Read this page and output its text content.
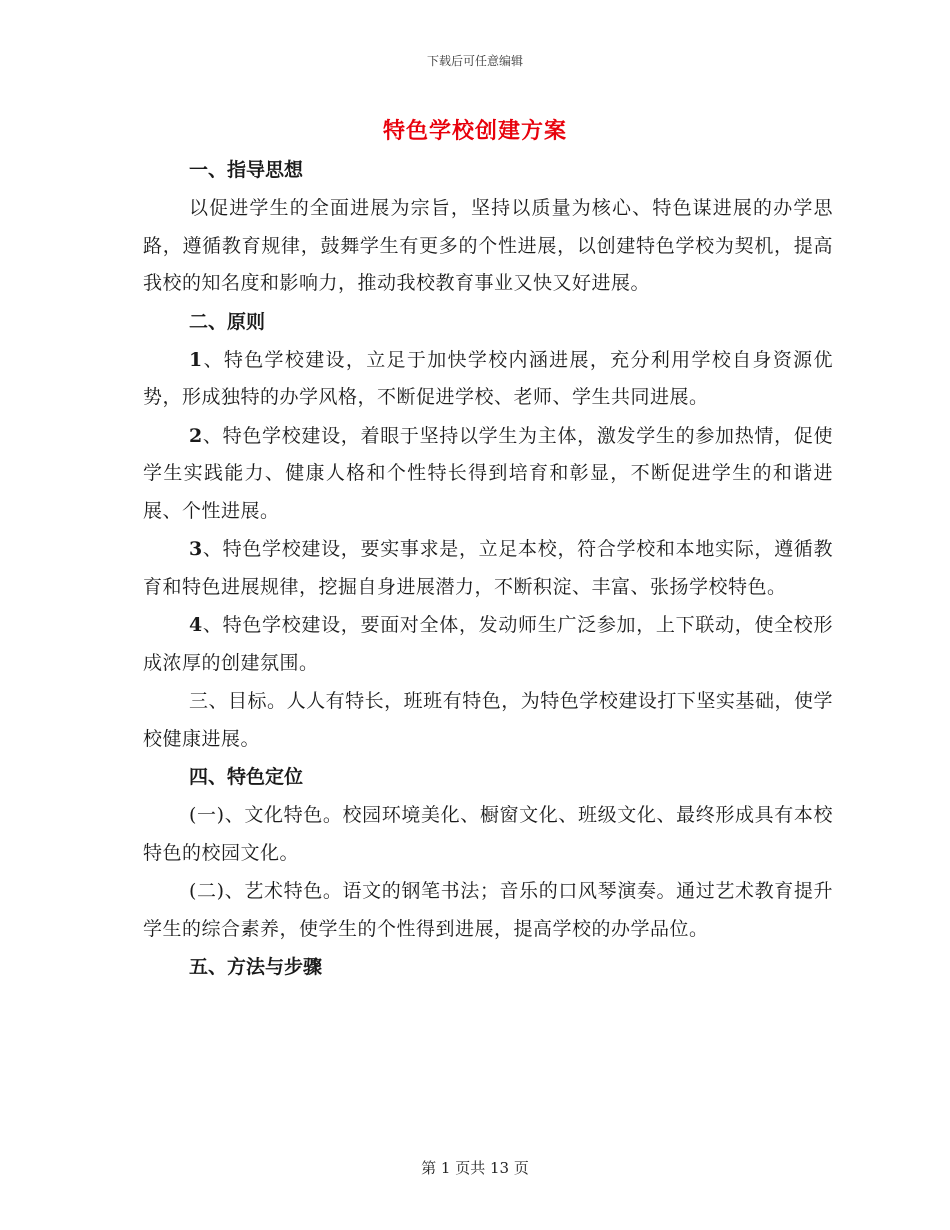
下载后可任意编辑
特色学校创建方案
一、指导思想
以促进学生的全面进展为宗旨，坚持以质量为核心、特色谋进展的办学思路，遵循教育规律，鼓舞学生有更多的个性进展，以创建特色学校为契机，提高我校的知名度和影响力，推动我校教育事业又快又好进展。
二、原则
1、特色学校建设，立足于加快学校内涵进展，充分利用学校自身资源优势，形成独特的办学风格，不断促进学校、老师、学生共同进展。
2、特色学校建设，着眼于坚持以学生为主体，激发学生的参加热情，促使学生实践能力、健康人格和个性特长得到培育和彰显，不断促进学生的和谐进展、个性进展。
3、特色学校建设，要实事求是，立足本校，符合学校和本地实际，遵循教育和特色进展规律，挖掘自身进展潜力，不断积淀、丰富、张扬学校特色。
4、特色学校建设，要面对全体，发动师生广泛参加，上下联动，使全校形成浓厚的创建氛围。
三、目标。人人有特长，班班有特色，为特色学校建设打下坚实基础，使学校健康进展。
四、特色定位
(一)、文化特色。校园环境美化、橱窗文化、班级文化、最终形成具有本校特色的校园文化。
(二)、艺术特色。语文的钢笔书法；音乐的口风琴演奏。通过艺术教育提升学生的综合素养，使学生的个性得到进展，提高学校的办学品位。
五、方法与步骤
第 1 页共 13 页
